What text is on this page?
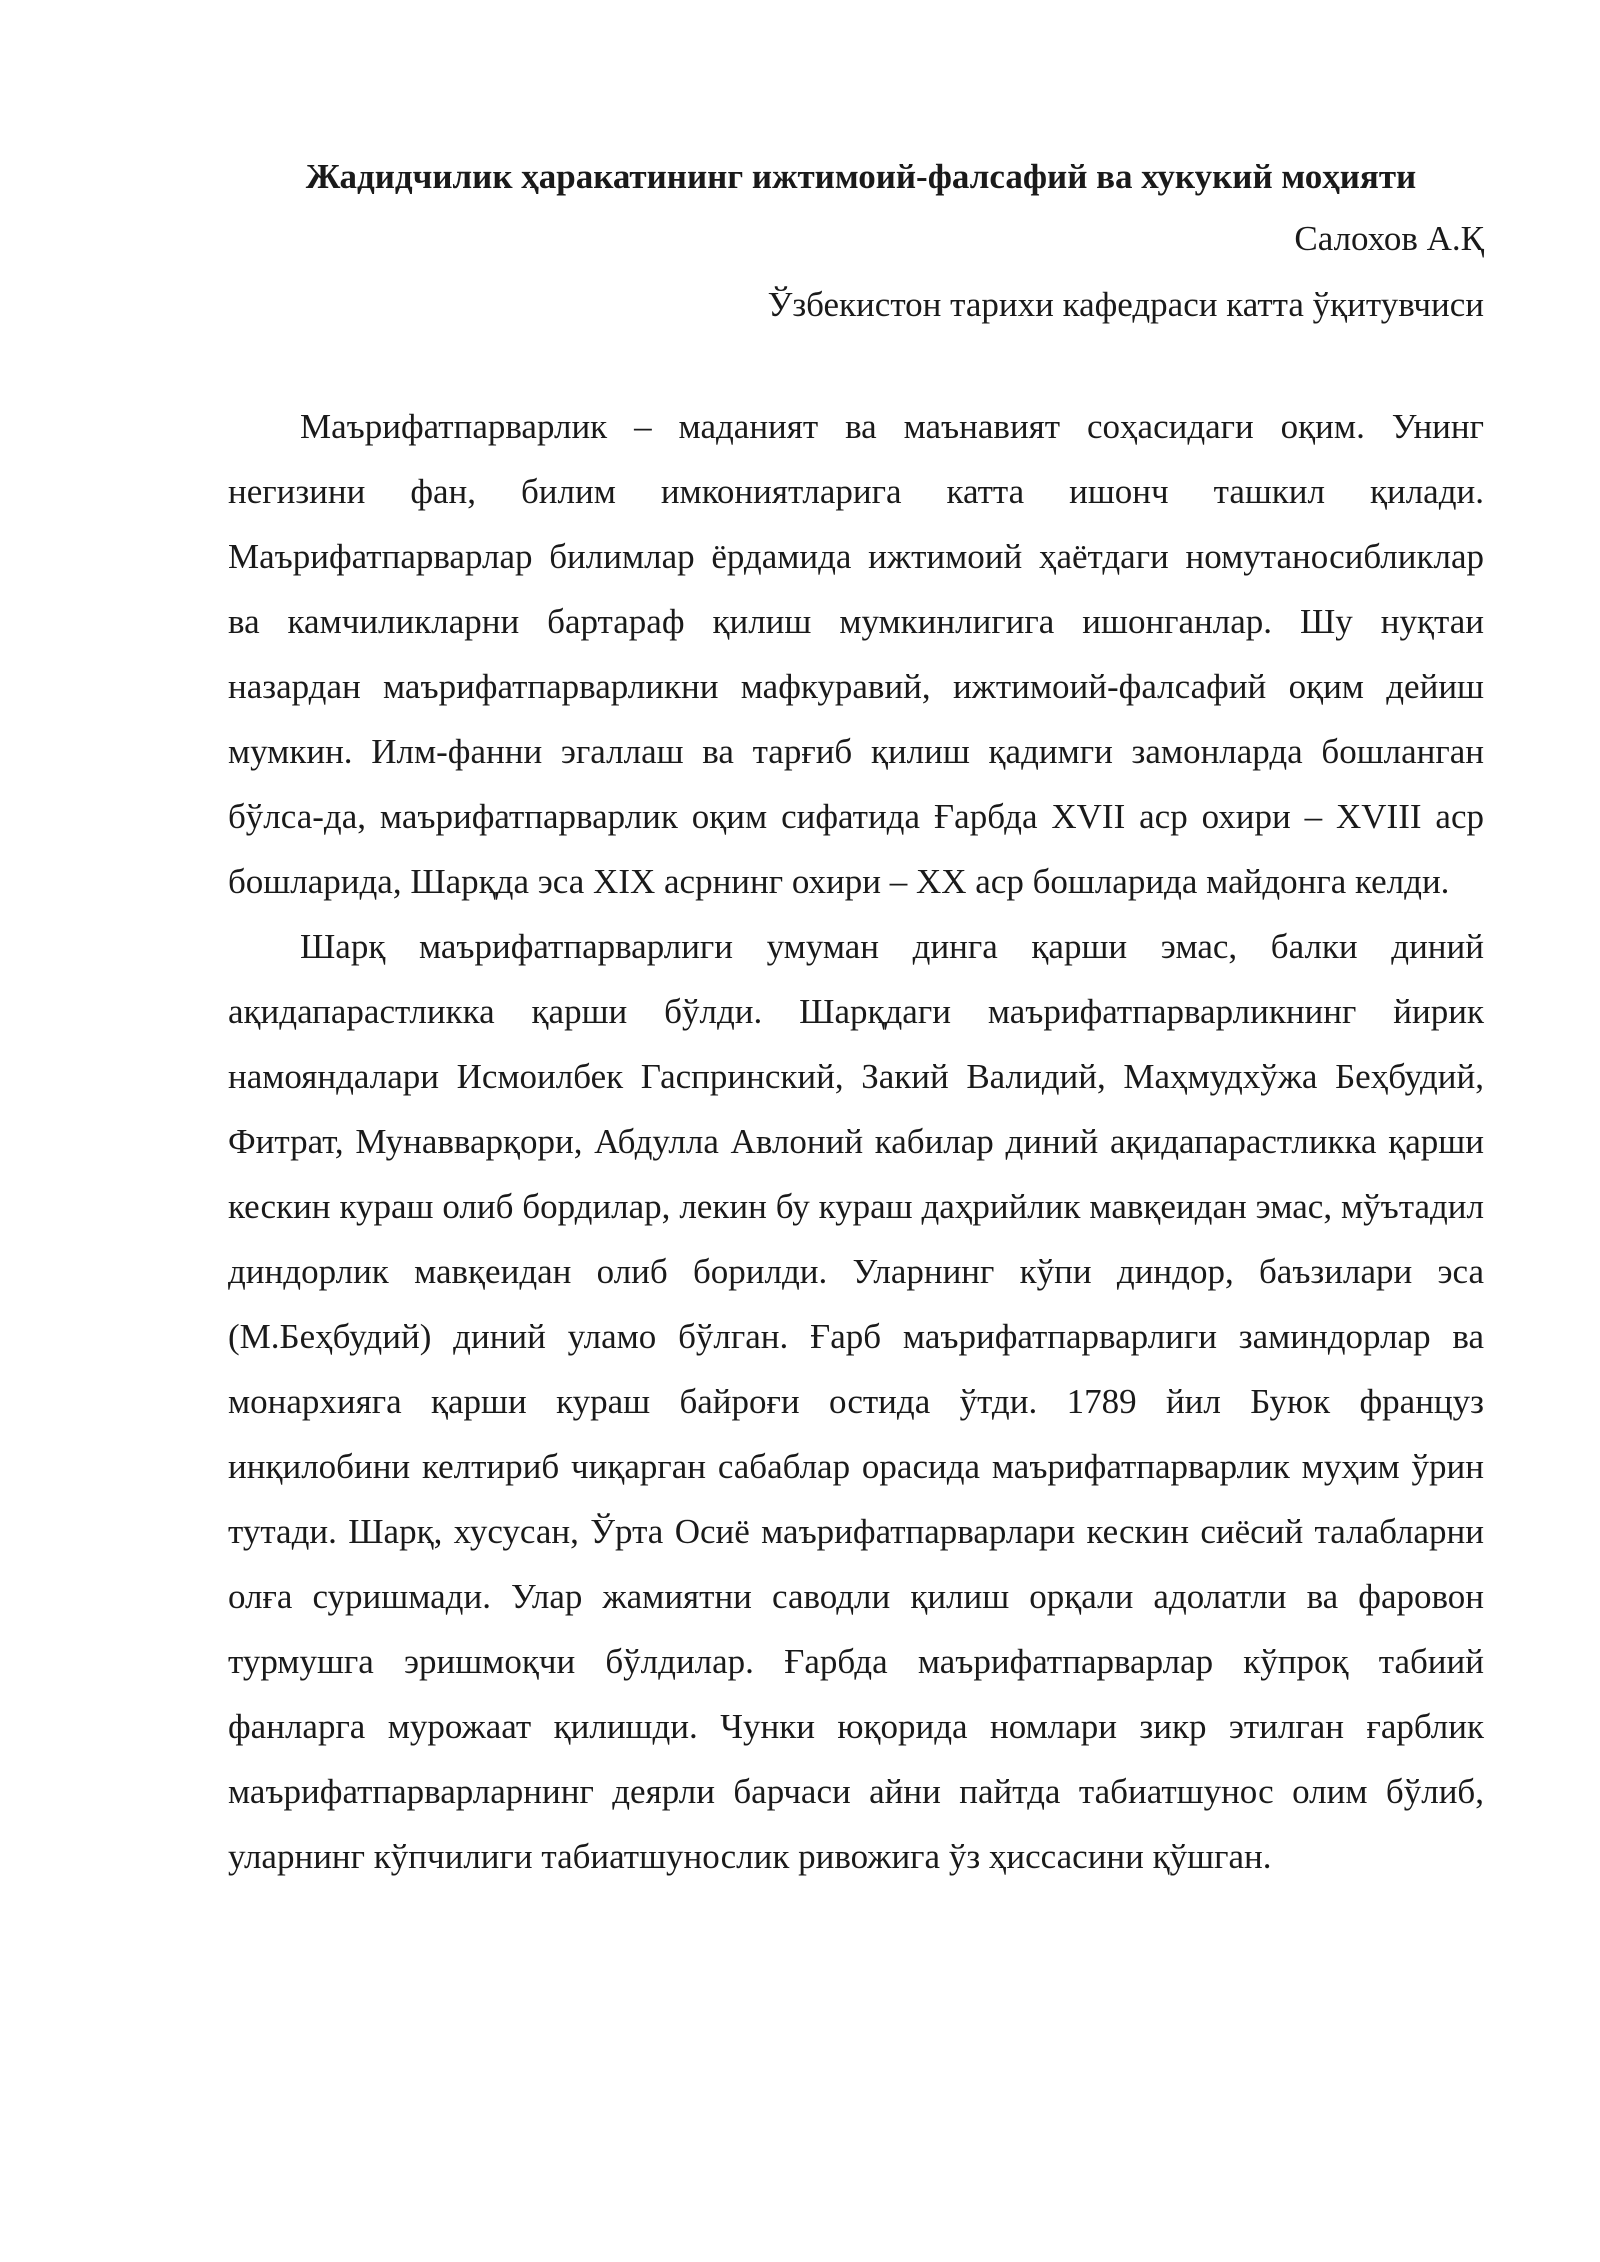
Жадидчилик ҳаракатининг ижтимоий-фалсафий ва хукукий моҳияти

Салохов А.Қ

Ўзбекистон тарихи кафедраси катта ўқитувчиси

Маърифатпарварлик – маданият ва маънавият соҳасидаги оқим. Унинг негизини фан, билим имкониятларига катта ишонч ташкил қилади. Маърифатпарварлар билимлар ёрдамида ижтимоий ҳаётдаги номутаносибликлар ва камчиликларни бартараф қилиш мумкинлигига ишонганлар. Шу нуқтаи назардан маърифатпарварликни мафкуравий, ижтимоий-фалсафий оқим дейиш мумкин. Илм-фанни эгаллаш ва тарғиб қилиш қадимги замонларда бошланган бўлса-да, маърифатпарварлик оқим сифатида Ғарбда XVII аср охири – XVIII аср бошларида, Шарқда эса XIX асрнинг охири – XX аср бошларида майдонга келди.

Шарқ маърифатпарварлиги умуман динга қарши эмас, балки диний ақидапарастликка қарши бўлди. Шарқдаги маърифатпарварликнинг йирик намояндалари Исмоилбек Гаспринский, Закий Валидий, Маҳмудхўжа Беҳбудий, Фитрат, Мунавварқори, Абдулла Авлоний кабилар диний ақидапарастликка қарши кескин кураш олиб бордилар, лекин бу кураш даҳрийлик мавқеидан эмас, мўътадил диндорлик мавқеидан олиб борилди. Уларнинг кўпи диндор, баъзилари эса (М.Беҳбудий) диний уламо бўлган. Ғарб маърифатпарварлиги заминдорлар ва монархияга қарши кураш байроғи остида ўтди. 1789 йил Буюк француз инқилобини келтириб чиқарган сабаблар орасида маърифатпарварлик муҳим ўрин тутади. Шарқ, хусусан, Ўрта Осиё маърифатпарварлари кескин сиёсий талабларни олға суришмади. Улар жамиятни саводли қилиш орқали адолатли ва фаровон турмушга эришмоқчи бўлдилар. Ғарбда маърифатпарварлар кўпроқ табиий фанларга мурожаат қилишди. Чунки юқорида номлари зикр этилган ғарблик маърифатпарварларнинг деярли барчаси айни пайтда табиатшунос олим бўлиб, уларнинг кўпчилиги табиатшунослик ривожига ўз ҳиссасини қўшган.
